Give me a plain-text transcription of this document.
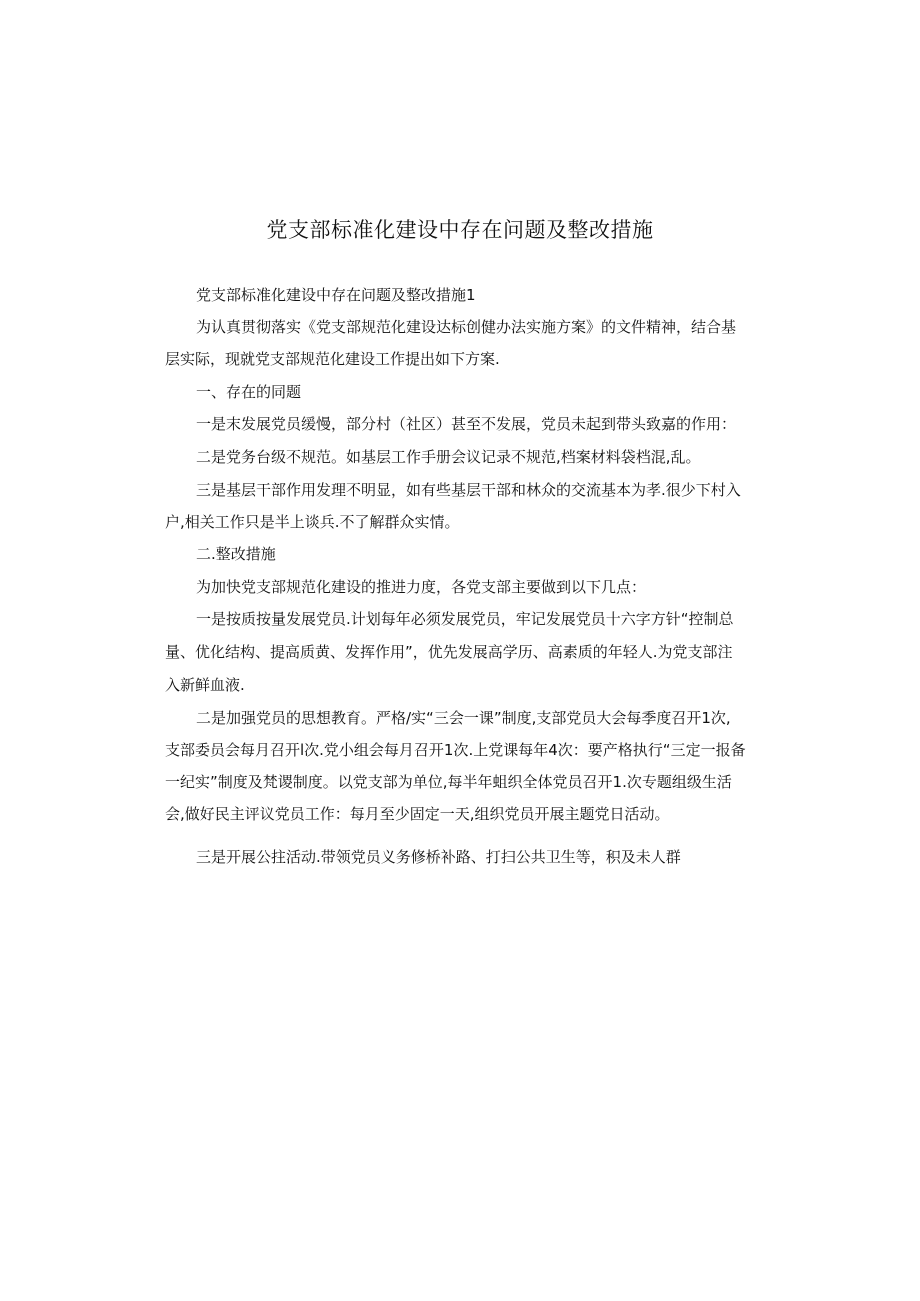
党支部标准化建设中存在问题及整改措施

党支部标准化建设中存在问题及整改措施1

为认真贯彻落实《党支部规范化建设达标创健办法实施方案》的文件精神，结合基

层实际，现就党支部规范化建设工作提出如下方案.

一、存在的同题

一是末发展党员缓慢，部分村（社区）甚至不发展，党员未起到带头致嘉的作用：

二是党务台级不规范。如基层工作手册会议记录不规范,档案材料袋档混,乱。

三是基层干部作用发理不明显，如有些基层干部和林众的交流基本为孝.很少下村入

户,相关工作只是半上谈兵.不了解群众实情。

二.整改措施

为加快党支部规范化建设的推进力度，各党支部主要做到以下几点：

一是按质按量发展党员.计划每年必须发展党员，牢记发展党员十六字方针“控制总

量、优化结构、提高质黄、发挥作用”，优先发展高学历、高素质的年轻人.为党支部注

入新鲜血液.

二是加强党员的思想教育。严格/实“三会一课”制度,支部党员大会每季度召开1次,

支部委员会每月召开l次.党小组会每月召开1次.上党课每年4次：要产格执行“三定一报备

一纪实”制度及梵谡制度。以党支部为单位,每半年蛆织全体党员召开1.次专题组级生活

会,做好民主评议党员工作：每月至少固定一天,组织党员开展主题党日活动。

三是开展公拄活动.带领党员义务修桥补路、打扫公共卫生等，积及未人群
